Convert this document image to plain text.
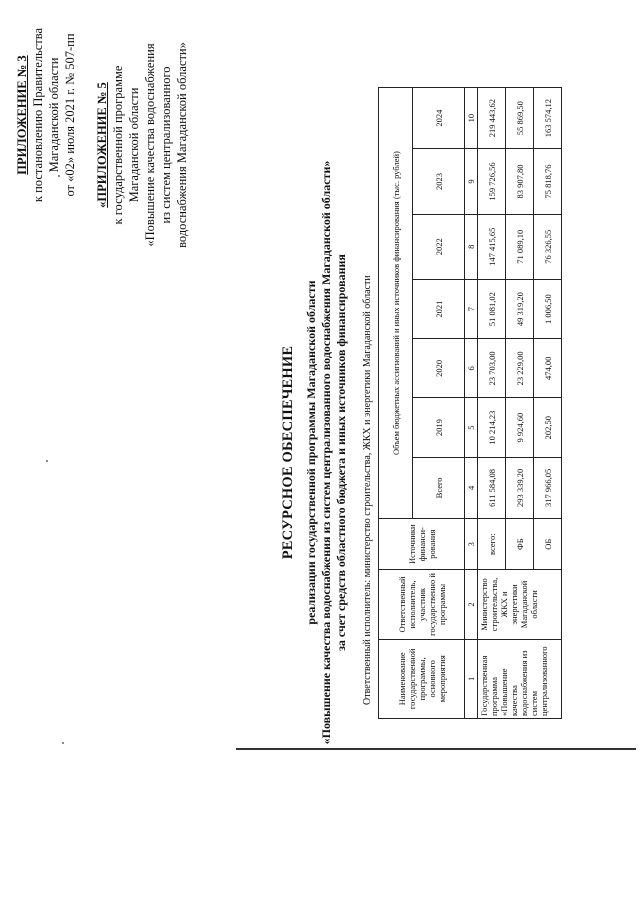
ПРИЛОЖЕНИЕ № 3 к постановлению Правительства Магаданской области от «02» июля 2021 г. № 507-пп «ПРИЛОЖЕНИЕ № 5 к государственной программе Магаданской области «Повышение качества водоснабжения из систем централизованного водоснабжения Магаданской области»
РЕСУРСНОЕ ОБЕСПЕЧЕНИЕ реализации государственной программы Магаданской области «Повышение качества водоснабжения из систем централизованного водоснабжения Магаданской области» за счет средств областного бюджета и иных источников финансирования Ответственный исполнитель: министерство строительства, ЖКХ и энергетики Магаданской области	Наименование государственной программы, основного мероприятия	Ответственный исполнитель, участник государственно й программы	Источники финанси- рования	Объем бюджетных ассигнований и иных источников финансирования (тыс. рублей)						
			Всего	2019	2020	2021	2022	2023	2024
1	2	3	4	5	6	7	8	9	10
Государственная программа «Повышение качества водоснабжения из систем централизованного	Министерство строительства, ЖКХ и энергетики Магаданской области	всего:	611 584,08	10 214,23	23 703,00	51 081,02	147 415,65	159 726,56	219 443,62
		ФБ	293 339,20	9 924,60	23 229,00	49 319,20	71 089,10	83 907,80	55 869,50
		ОБ	317 966,05	202,50	474,00	1 006,50	76 326,55	75 818,76	163 574,12
